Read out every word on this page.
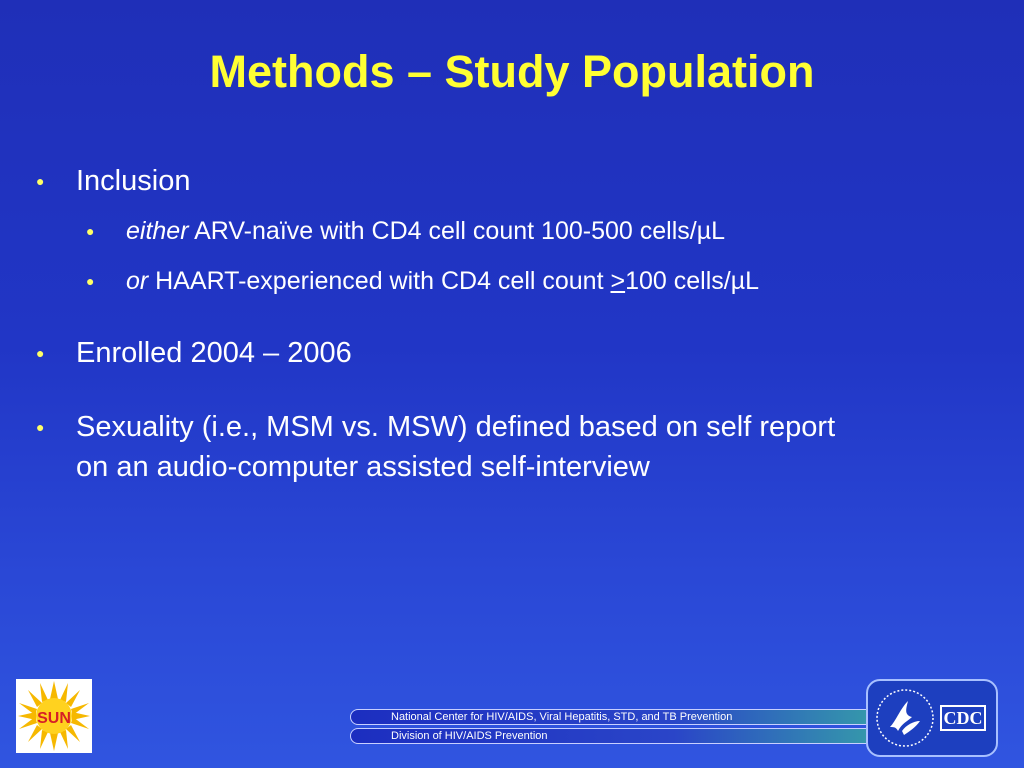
Methods – Study Population
● Inclusion
● either ARV-naïve with CD4 cell count 100-500 cells/µL
● or HAART-experienced with CD4 cell count ≥100 cells/µL
● Enrolled 2004 – 2006
● Sexuality (i.e., MSM vs. MSW) defined based on self report
on an audio-computer assisted self-interview
SUN	National Center for HIV/AIDS, Viral Hepatitis, STD, and TB Prevention
Division of HIV/AIDS Prevention
CDC
